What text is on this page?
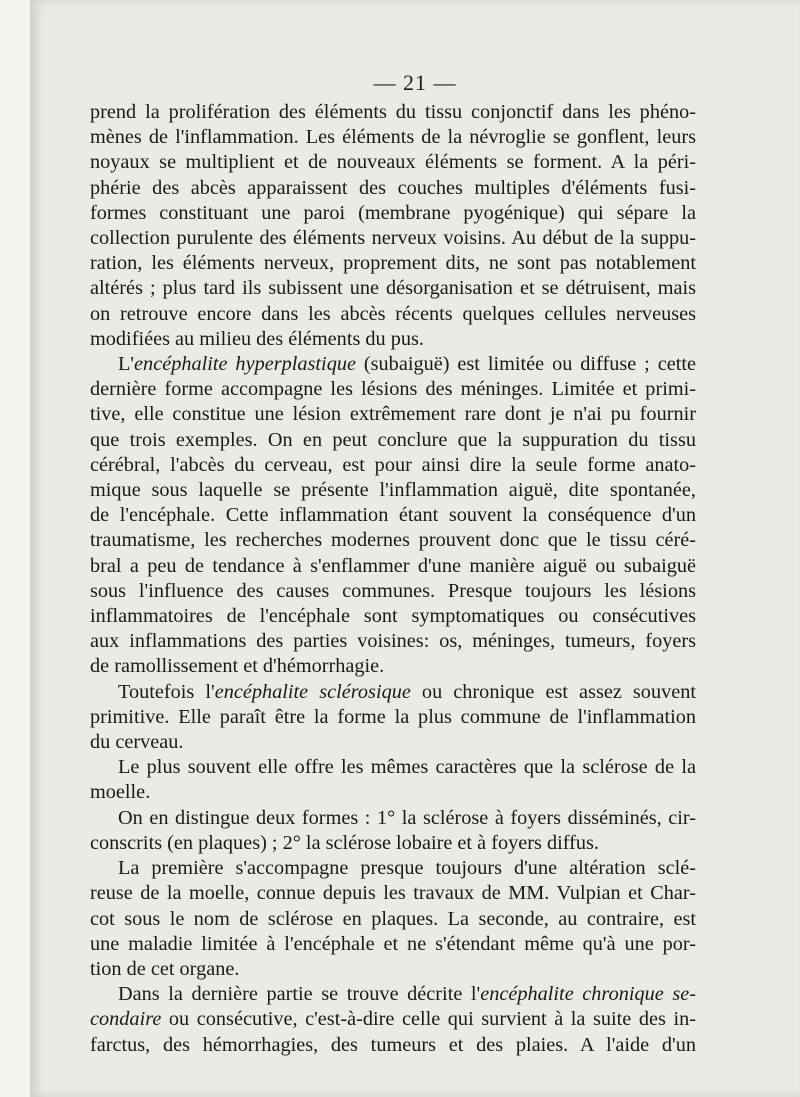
— 21 —
prend la prolifération des éléments du tissu conjonctif dans les phéno-
mènes de l'inflammation. Les éléments de la névroglie se gonflent, leurs
noyaux se multiplient et de nouveaux éléments se forment. A la péri-
phérie des abcès apparaissent des couches multiples d'éléments fusi-
formes constituant une paroi (membrane pyogénique) qui sépare la
collection purulente des éléments nerveux voisins. Au début de la suppu-
ration, les éléments nerveux, proprement dits, ne sont pas notablement
altérés ; plus tard ils subissent une désorganisation et se détruisent, mais
on retrouve encore dans les abcès récents quelques cellules nerveuses
modifiées au milieu des éléments du pus.
L'encéphalite hyperplastique (subaiguë) est limitée ou diffuse ; cette
dernière forme accompagne les lésions des méninges. Limitée et primi-
tive, elle constitue une lésion extrêmement rare dont je n'ai pu fournir
que trois exemples. On en peut conclure que la suppuration du tissu
cérébral, l'abcès du cerveau, est pour ainsi dire la seule forme anato-
mique sous laquelle se présente l'inflammation aiguë, dite spontanée,
de l'encéphale. Cette inflammation étant souvent la conséquence d'un
traumatisme, les recherches modernes prouvent donc que le tissu céré-
bral a peu de tendance à s'enflammer d'une manière aiguë ou subaiguë
sous l'influence des causes communes. Presque toujours les lésions
inflammatoires de l'encéphale sont symptomatiques ou consécutives
aux inflammations des parties voisines: os, méninges, tumeurs, foyers
de ramollissement et d'hémorrhagie.
Toutefois l'encéphalite sclérosique ou chronique est assez souvent
primitive. Elle paraît être la forme la plus commune de l'inflammation
du cerveau.
Le plus souvent elle offre les mêmes caractères que la sclérose de la
moelle.
On en distingue deux formes : 1° la sclérose à foyers disséminés, cir-
conscrits (en plaques) ; 2° la sclérose lobaire et à foyers diffus.
La première s'accompagne presque toujours d'une altération sclé-
reuse de la moelle, connue depuis les travaux de MM. Vulpian et Char-
cot sous le nom de sclérose en plaques. La seconde, au contraire, est
une maladie limitée à l'encéphale et ne s'étendant même qu'à une por-
tion de cet organe.
Dans la dernière partie se trouve décrite l'encéphalite chronique se-
condaire ou consécutive, c'est-à-dire celle qui survient à la suite des in-
farctus, des hémorrhagies, des tumeurs et des plaies. A l'aide d'un
